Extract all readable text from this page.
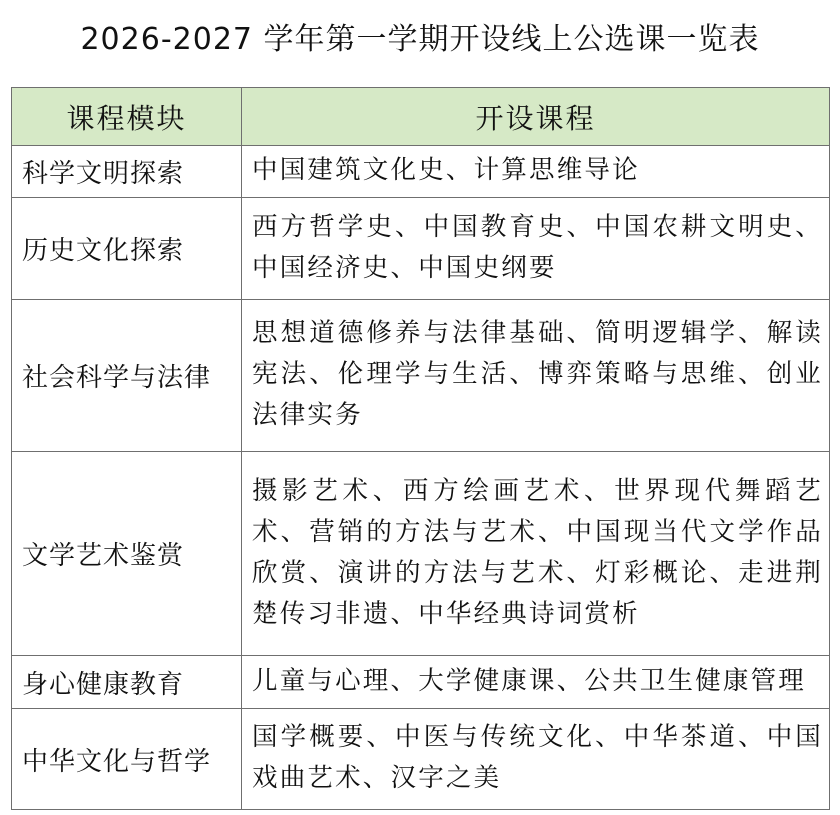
2026-2027 学年第一学期开设线上公选课一览表
课程模块	开设课程
科学文明探索	中国建筑文化史、计算思维导论
历史文化探索	西方哲学史、中国教育史、中国农耕文明史、中国经济史、中国史纲要
社会科学与法律	思想道德修养与法律基础、简明逻辑学、解读宪法、伦理学与生活、博弈策略与思维、创业法律实务
文学艺术鉴赏	摄影艺术、西方绘画艺术、世界现代舞蹈艺术、营销的方法与艺术、中国现当代文学作品欣赏、演讲的方法与艺术、灯彩概论、走进荆楚传习非遗、中华经典诗词赏析
身心健康教育	儿童与心理、大学健康课、公共卫生健康管理
中华文化与哲学	国学概要、中医与传统文化、中华茶道、中国戏曲艺术、汉字之美
